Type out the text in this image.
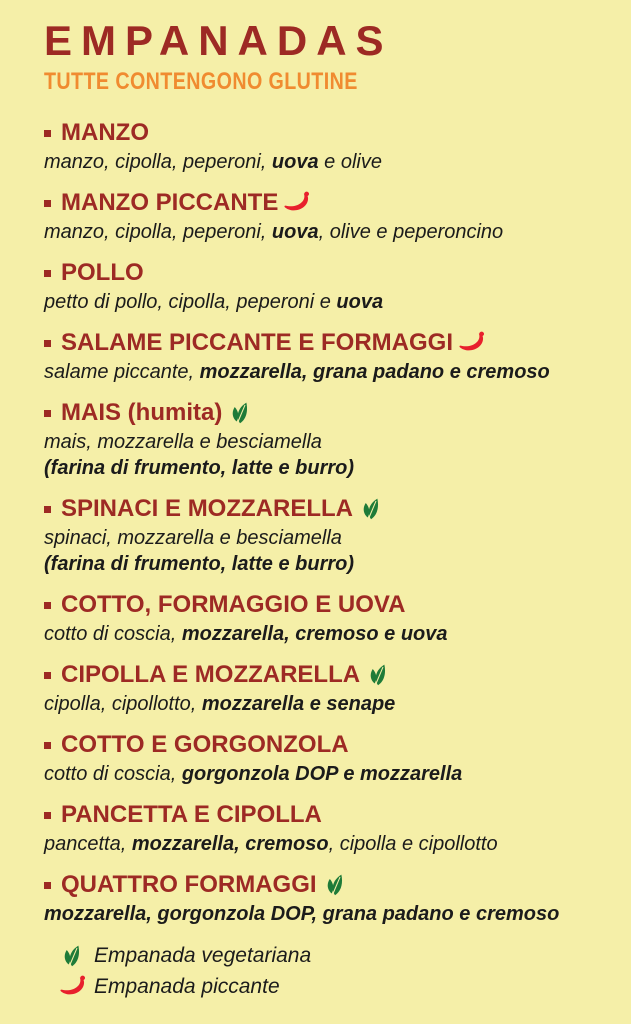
EMPANADAS
TUTTE CONTENGONO GLUTINE
MANZO
manzo, cipolla, peperoni, uova e olive
MANZO PICCANTE
manzo, cipolla, peperoni, uova, olive e peperoncino
POLLO
petto di pollo, cipolla, peperoni e uova
SALAME PICCANTE E FORMAGGI
salame piccante, mozzarella, grana padano e cremoso
MAIS (humita)
mais, mozzarella e besciamella
(farina di frumento, latte e burro)
SPINACI E MOZZARELLA
spinaci, mozzarella e besciamella
(farina di frumento, latte e burro)
COTTO, FORMAGGIO E UOVA
cotto di coscia, mozzarella, cremoso e uova
CIPOLLA E MOZZARELLA
cipolla, cipollotto, mozzarella e senape
COTTO E GORGONZOLA
cotto di coscia, gorgonzola DOP e mozzarella
PANCETTA E CIPOLLA
pancetta, mozzarella, cremoso, cipolla e cipollotto
QUATTRO FORMAGGI
mozzarella, gorgonzola DOP, grana padano e cremoso
Empanada vegetariana
Empanada piccante
